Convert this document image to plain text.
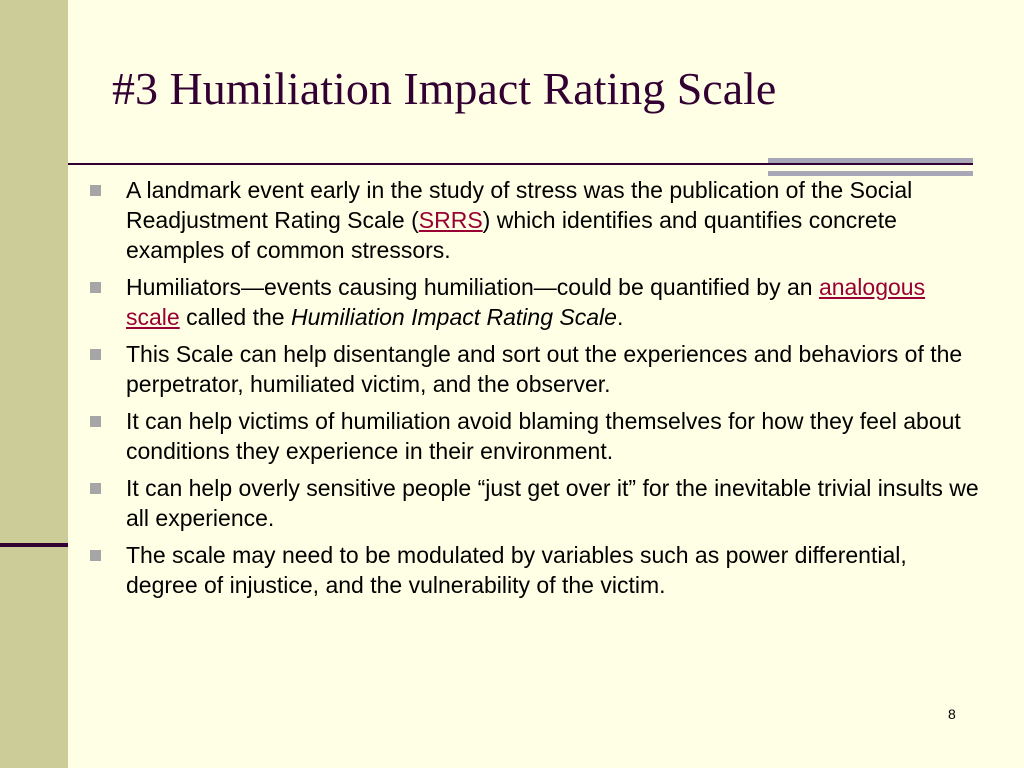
#3 Humiliation Impact Rating Scale
A landmark event early in the study of stress was the publication of the Social Readjustment Rating Scale (SRRS) which identifies and quantifies concrete examples of common stressors.
Humiliators—events causing humiliation—could be quantified by an analogous scale called the Humiliation Impact Rating Scale.
This Scale can help disentangle and sort out the experiences and behaviors of the perpetrator, humiliated victim, and the observer.
It can help victims of humiliation avoid blaming themselves for how they feel about conditions they experience in their environment.
It can help overly sensitive people “just get over it” for the inevitable trivial insults we all experience.
The scale may need to be modulated by variables such as power differential, degree of injustice, and the vulnerability of the victim.
8
